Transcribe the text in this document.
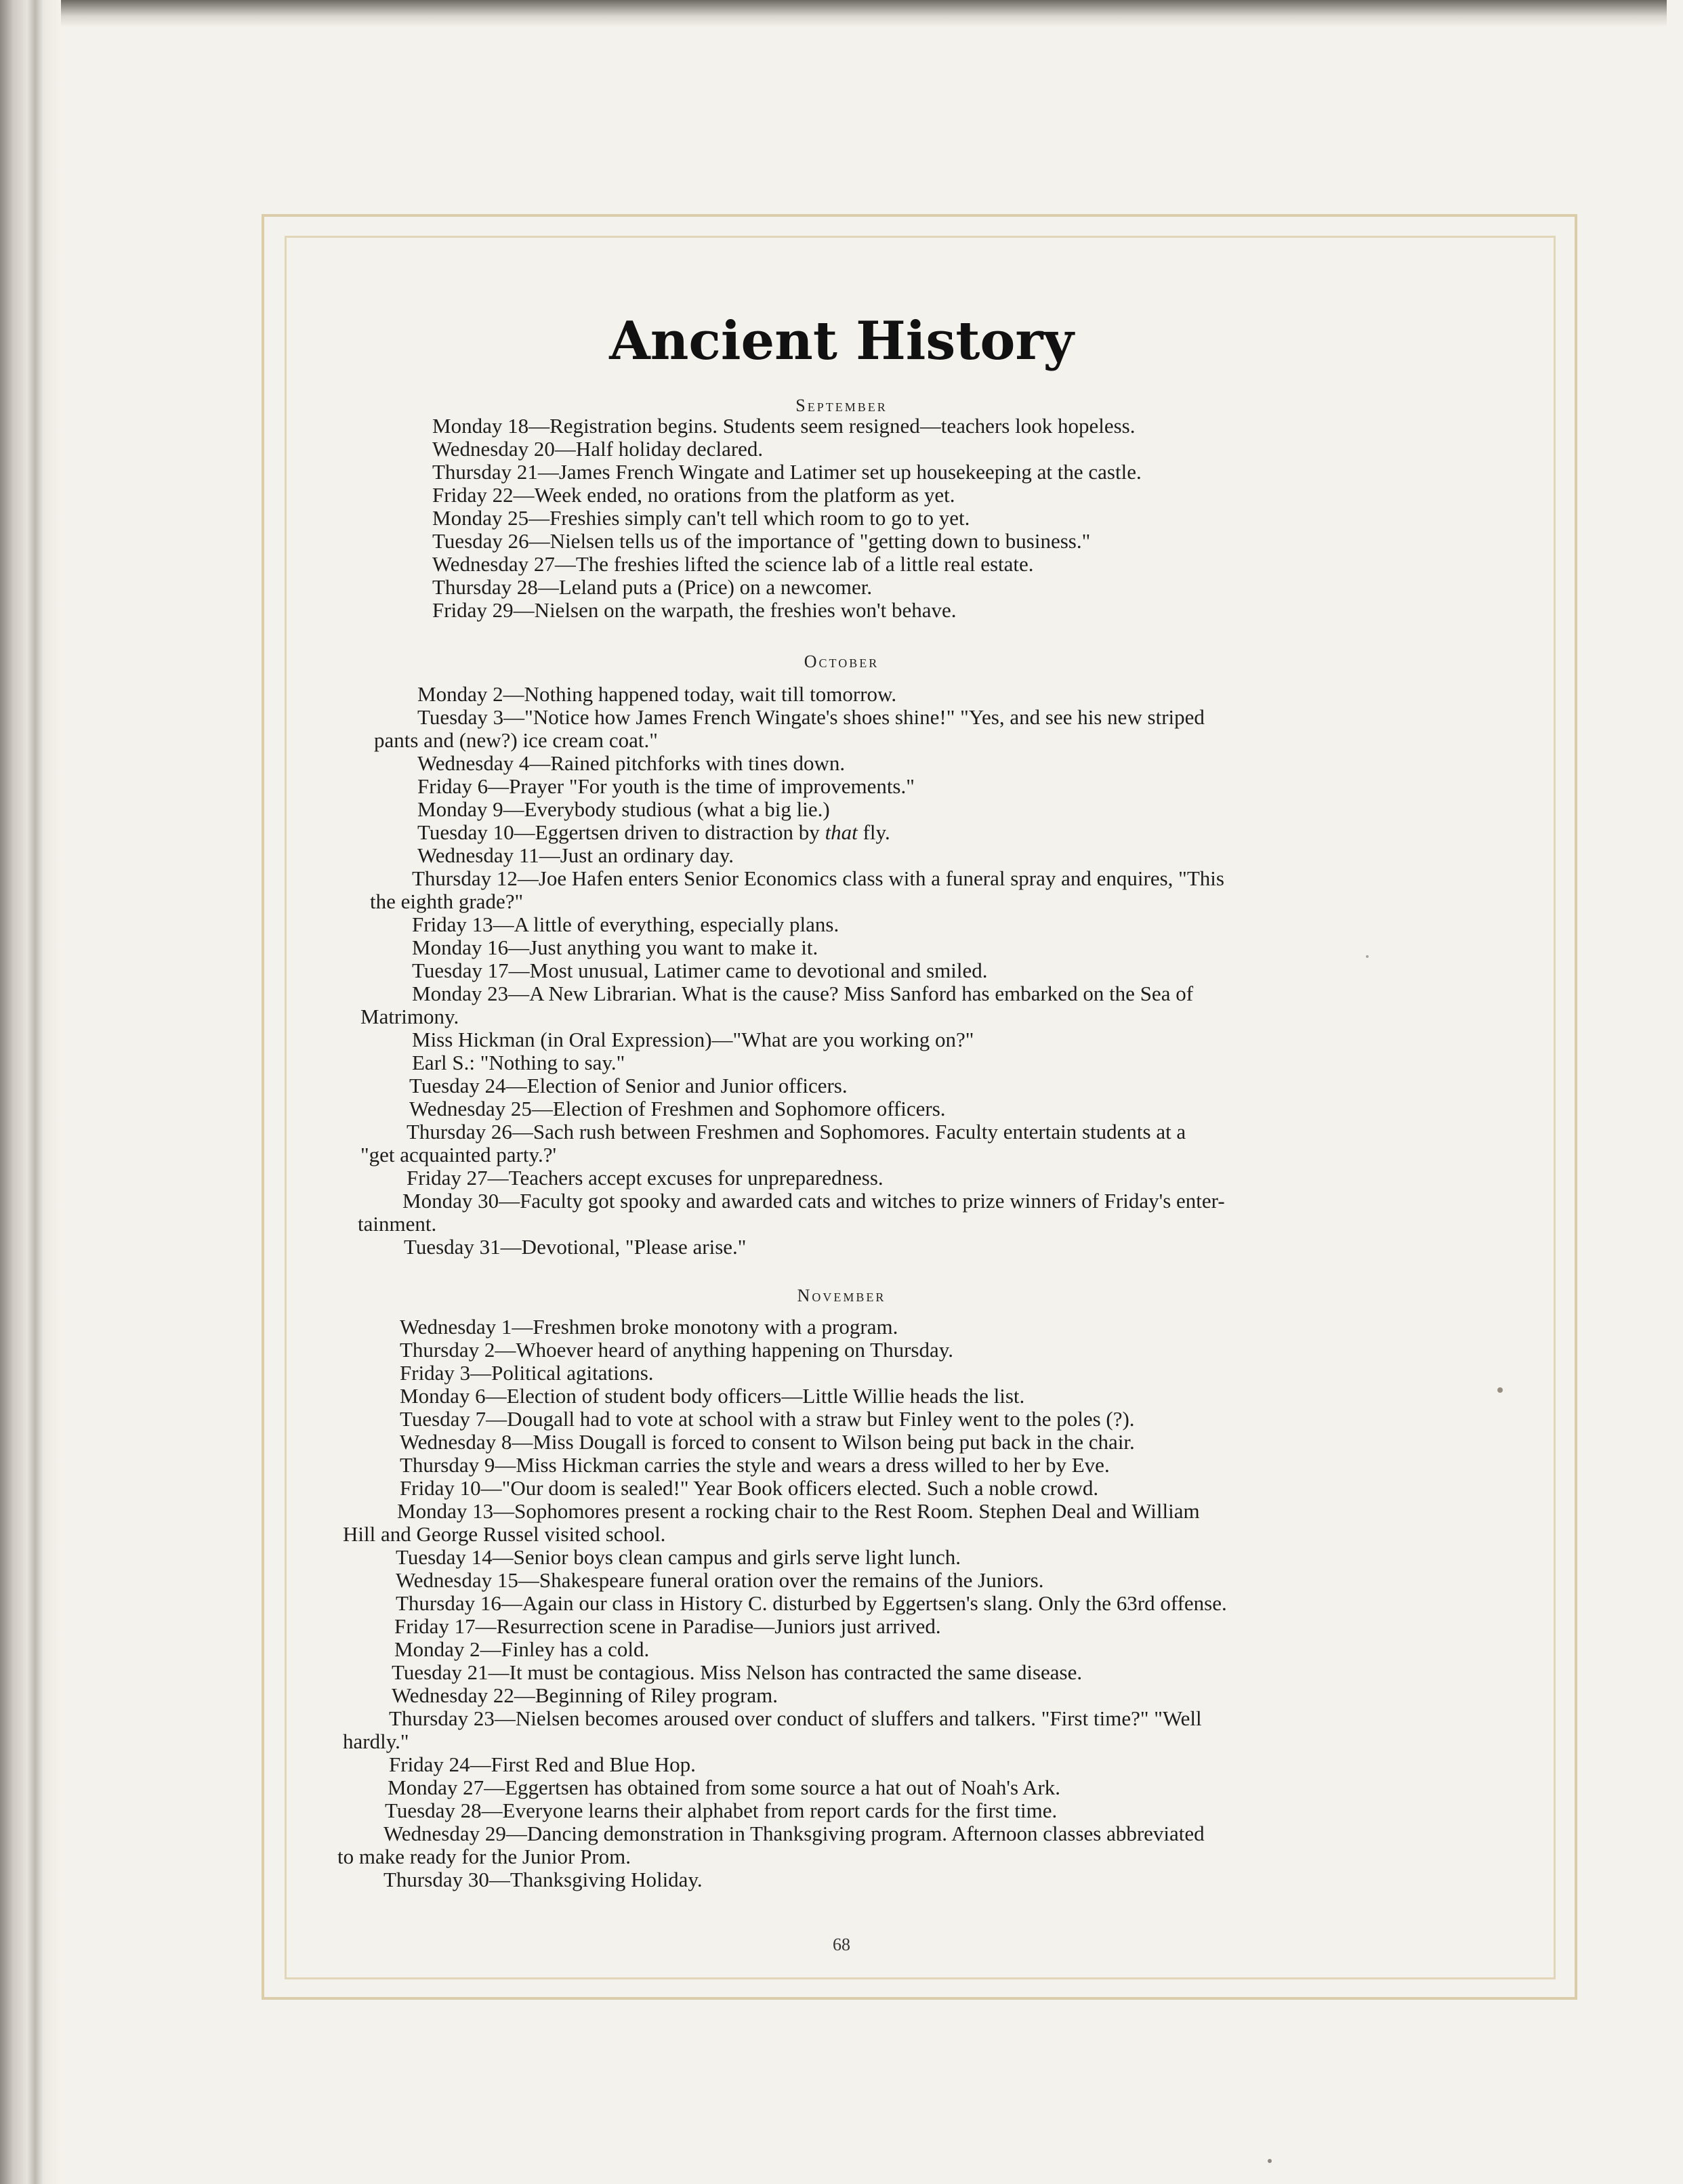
Ancient History
September
October
November
Monday 18—Registration begins. Students seem resigned—teachers look hopeless.
Wednesday 20—Half holiday declared.
Thursday 21—James French Wingate and Latimer set up housekeeping at the castle.
Friday 22—Week ended, no orations from the platform as yet.
Monday 25—Freshies simply can't tell which room to go to yet.
Tuesday 26—Nielsen tells us of the importance of "getting down to business."
Wednesday 27—The freshies lifted the science lab of a little real estate.
Thursday 28—Leland puts a (Price) on a newcomer.
Friday 29—Nielsen on the warpath, the freshies won't behave.
Monday 2—Nothing happened today, wait till tomorrow.
Tuesday 3—"Notice how James French Wingate's shoes shine!" "Yes, and see his new striped
pants and (new?) ice cream coat."
Wednesday 4—Rained pitchforks with tines down.
Friday 6—Prayer "For youth is the time of improvements."
Monday 9—Everybody studious (what a big lie.)
Tuesday 10—Eggertsen driven to distraction by that fly.
Wednesday 11—Just an ordinary day.
Thursday 12—Joe Hafen enters Senior Economics class with a funeral spray and enquires, "This
the eighth grade?"
Friday 13—A little of everything, especially plans.
Monday 16—Just anything you want to make it.
Tuesday 17—Most unusual, Latimer came to devotional and smiled.
Monday 23—A New Librarian. What is the cause? Miss Sanford has embarked on the Sea of
Matrimony.
Miss Hickman (in Oral Expression)—"What are you working on?"
Earl S.: "Nothing to say."
Tuesday 24—Election of Senior and Junior officers.
Wednesday 25—Election of Freshmen and Sophomore officers.
Thursday 26—Sach rush between Freshmen and Sophomores. Faculty entertain students at a
"get acquainted party.?'
Friday 27—Teachers accept excuses for unpreparedness.
Monday 30—Faculty got spooky and awarded cats and witches to prize winners of Friday's enter-
tainment.
Tuesday 31—Devotional, "Please arise."
Wednesday 1—Freshmen broke monotony with a program.
Thursday 2—Whoever heard of anything happening on Thursday.
Friday 3—Political agitations.
Monday 6—Election of student body officers—Little Willie heads the list.
Tuesday 7—Dougall had to vote at school with a straw but Finley went to the poles (?).
Wednesday 8—Miss Dougall is forced to consent to Wilson being put back in the chair.
Thursday 9—Miss Hickman carries the style and wears a dress willed to her by Eve.
Friday 10—"Our doom is sealed!" Year Book officers elected. Such a noble crowd.
Monday 13—Sophomores present a rocking chair to the Rest Room. Stephen Deal and William
Hill and George Russel visited school.
Tuesday 14—Senior boys clean campus and girls serve light lunch.
Wednesday 15—Shakespeare funeral oration over the remains of the Juniors.
Thursday 16—Again our class in History C. disturbed by Eggertsen's slang. Only the 63rd offense.
Friday 17—Resurrection scene in Paradise—Juniors just arrived.
Monday 2—Finley has a cold.
Tuesday 21—It must be contagious. Miss Nelson has contracted the same disease.
Wednesday 22—Beginning of Riley program.
Thursday 23—Nielsen becomes aroused over conduct of sluffers and talkers. "First time?" "Well
hardly."
Friday 24—First Red and Blue Hop.
Monday 27—Eggertsen has obtained from some source a hat out of Noah's Ark.
Tuesday 28—Everyone learns their alphabet from report cards for the first time.
Wednesday 29—Dancing demonstration in Thanksgiving program. Afternoon classes abbreviated
to make ready for the Junior Prom.
Thursday 30—Thanksgiving Holiday.
68
